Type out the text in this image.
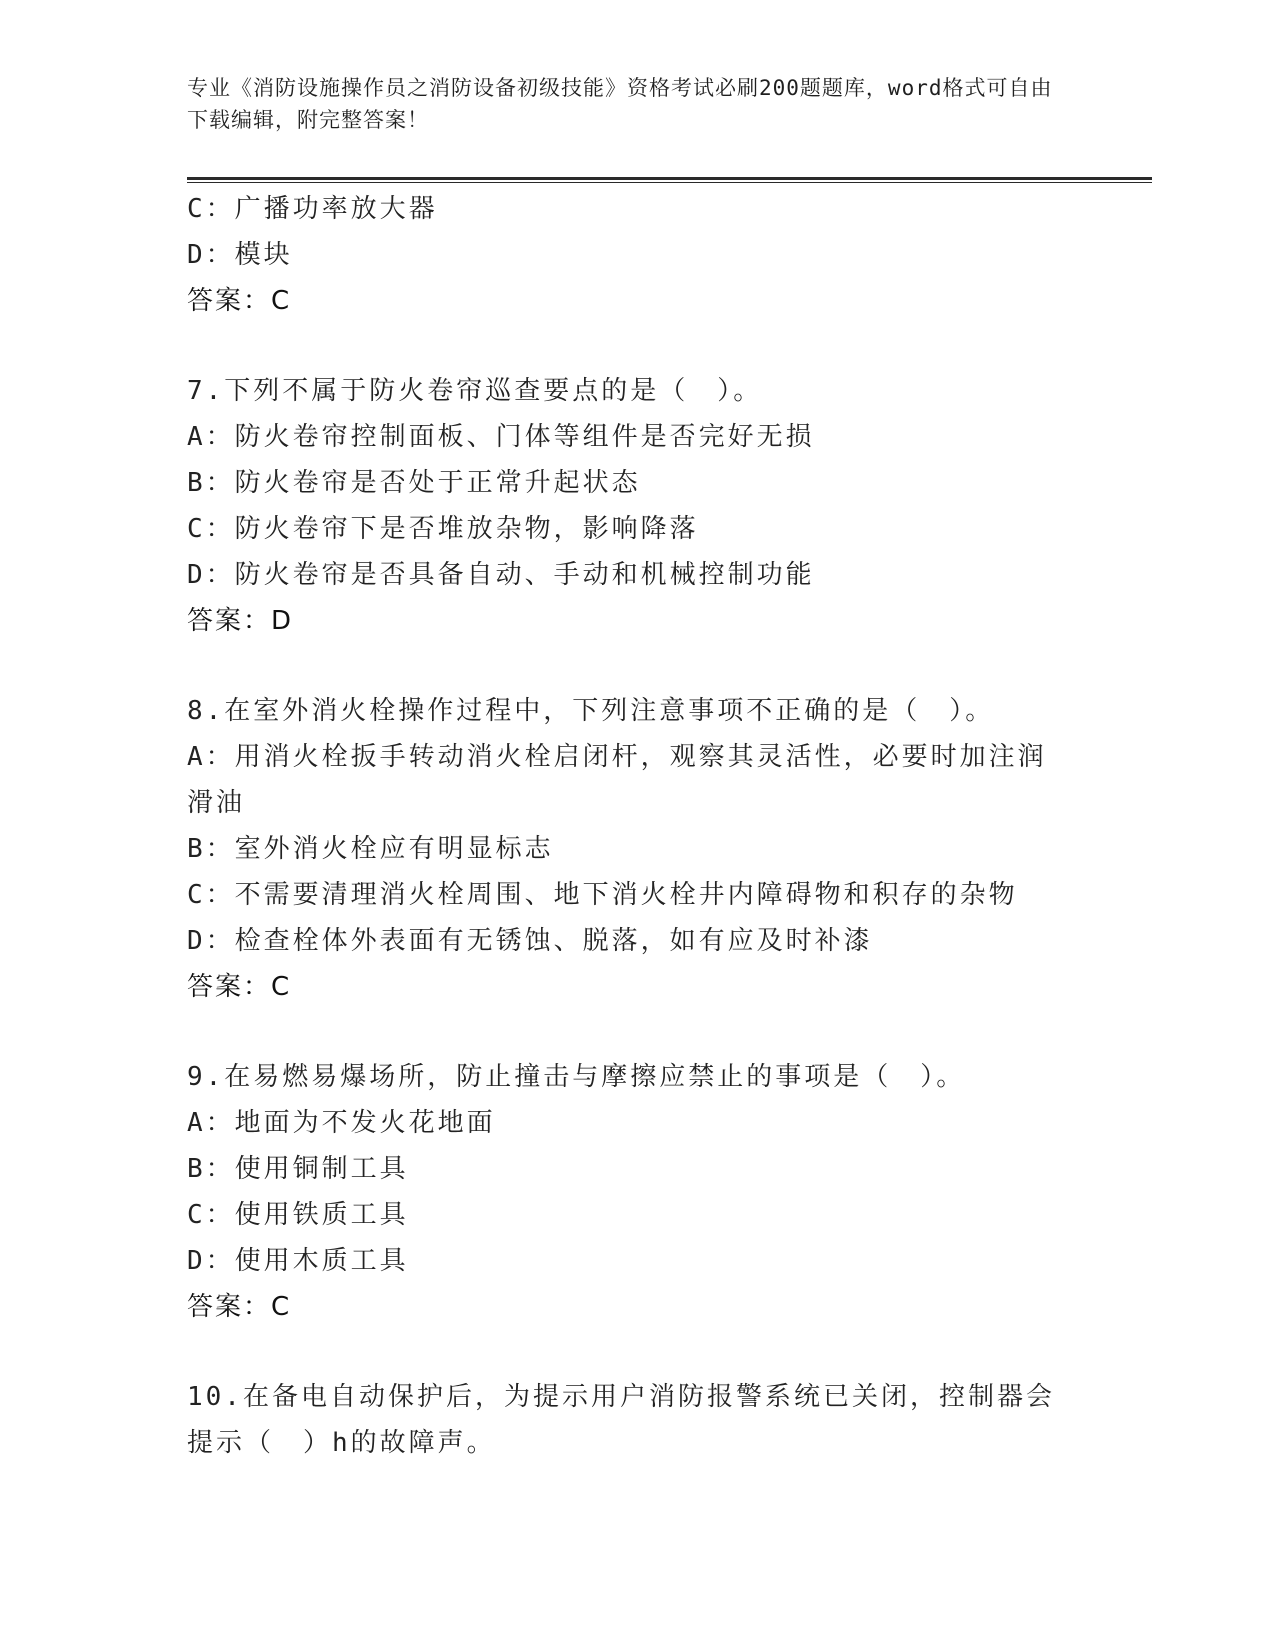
专业《消防设施操作员之消防设备初级技能》资格考试必刷200题题库，word格式可自由下载编辑，附完整答案！
C：广播功率放大器
D：模块
答案：C
7.下列不属于防火卷帘巡查要点的是（　）。
A：防火卷帘控制面板、门体等组件是否完好无损
B：防火卷帘是否处于正常升起状态
C：防火卷帘下是否堆放杂物，影响降落
D：防火卷帘是否具备自动、手动和机械控制功能
答案：D
8.在室外消火栓操作过程中，下列注意事项不正确的是（　）。
A：用消火栓扳手转动消火栓启闭杆，观察其灵活性，必要时加注润滑油
B：室外消火栓应有明显标志
C：不需要清理消火栓周围、地下消火栓井内障碍物和积存的杂物
D：检查栓体外表面有无锈蚀、脱落，如有应及时补漆
答案：C
9.在易燃易爆场所，防止撞击与摩擦应禁止的事项是（　）。
A：地面为不发火花地面
B：使用铜制工具
C：使用铁质工具
D：使用木质工具
答案：C
10.在备电自动保护后，为提示用户消防报警系统已关闭，控制器会提示（　）h的故障声。
